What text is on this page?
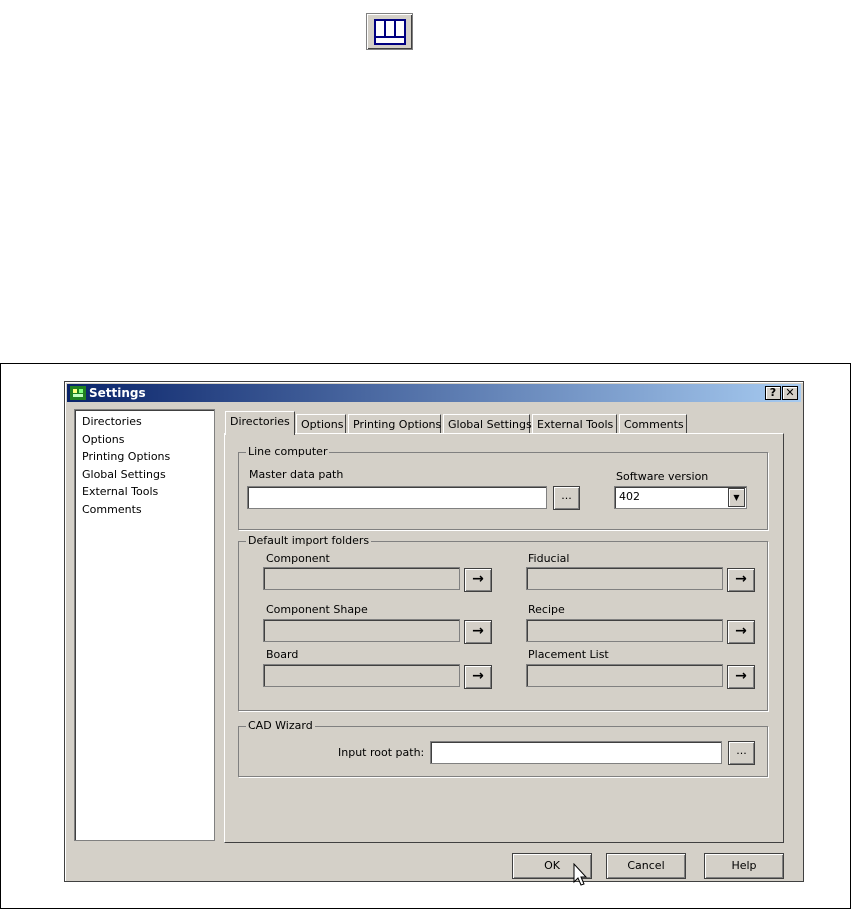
Settings	? ✕
Directories
Options
Printing Options
Global Settings
External Tools
Comments
Directories	Options Printing Options Global Settings External Tools Comments
Line computer
Master data path
...
Software version
402	▼
Default import folders
Component
→
Fiducial
→
Component Shape
→
Recipe
→
Board
→
Placement List
→
CAD Wizard
Input root path:	...
OK	Cancel	Help
